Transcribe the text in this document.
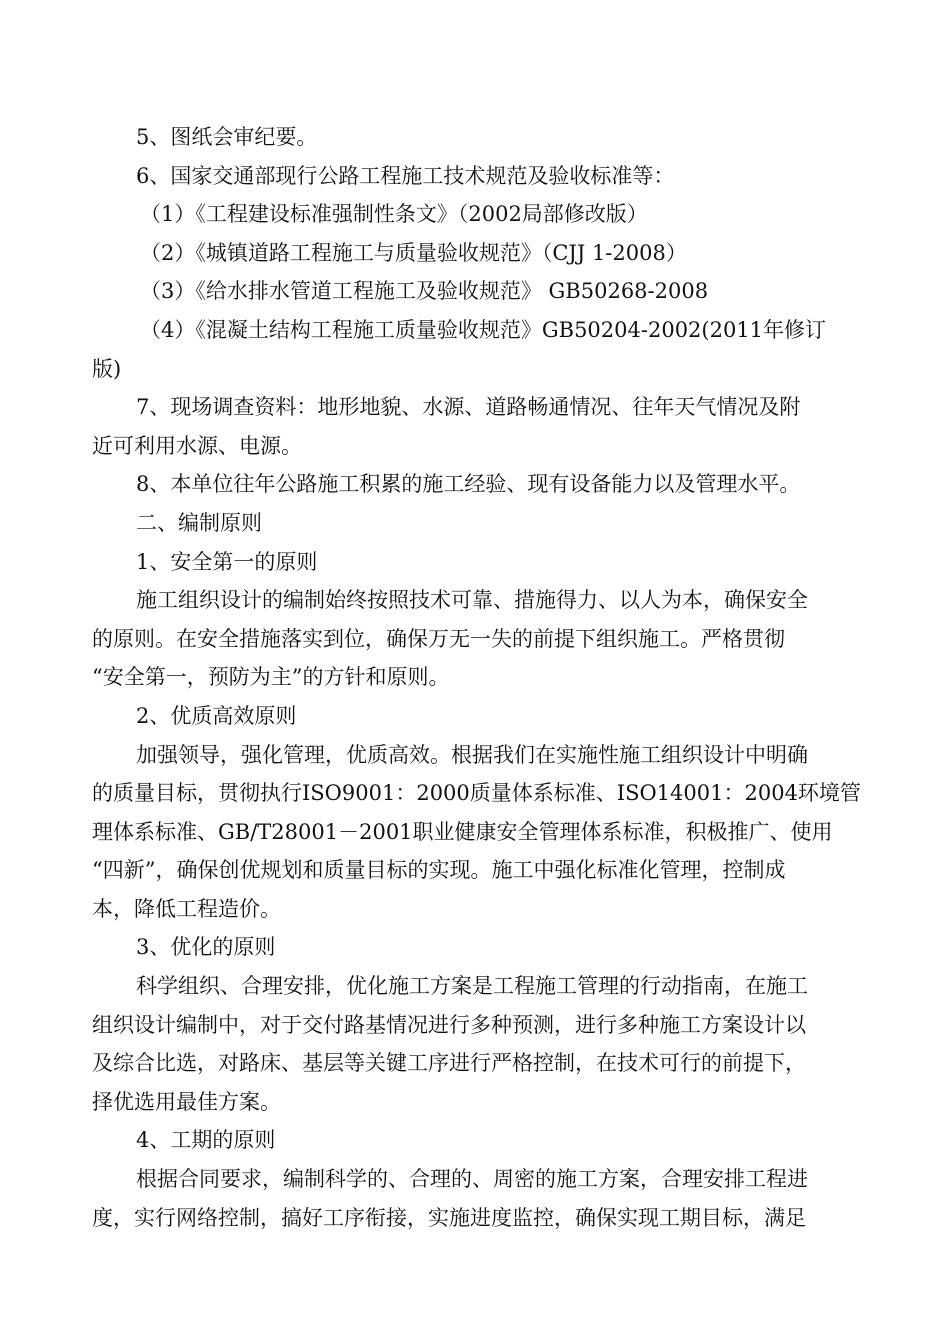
5、图纸会审纪要。
6、国家交通部现行公路工程施工技术规范及验收标准等：
（1）《工程建设标准强制性条文》（2002局部修改版）
（2）《城镇道路工程施工与质量验收规范》（CJJ 1-2008）
（3）《给水排水管道工程施工及验收规范》 GB50268-2008
（4）《混凝土结构工程施工质量验收规范》GB50204-2002(2011年修订
版)
7、现场调查资料：地形地貌、水源、道路畅通情况、往年天气情况及附
近可利用水源、电源。
8、本单位往年公路施工积累的施工经验、现有设备能力以及管理水平。
二、编制原则
1、安全第一的原则
施工组织设计的编制始终按照技术可靠、措施得力、以人为本，确保安全
的原则。在安全措施落实到位，确保万无一失的前提下组织施工。严格贯彻
“安全第一，预防为主”的方针和原则。
2、优质高效原则
加强领导，强化管理，优质高效。根据我们在实施性施工组织设计中明确
的质量目标，贯彻执行ISO9001：2000质量体系标准、ISO14001：2004环境管
理体系标准、GB/T28001－2001职业健康安全管理体系标准，积极推广、使用
“四新”，确保创优规划和质量目标的实现。施工中强化标准化管理，控制成
本，降低工程造价。
3、优化的原则
科学组织、合理安排，优化施工方案是工程施工管理的行动指南，在施工
组织设计编制中，对于交付路基情况进行多种预测，进行多种施工方案设计以
及综合比选，对路床、基层等关键工序进行严格控制，在技术可行的前提下，
择优选用最佳方案。
4、工期的原则
根据合同要求，编制科学的、合理的、周密的施工方案，合理安排工程进
度，实行网络控制，搞好工序衔接，实施进度监控，确保实现工期目标，满足
